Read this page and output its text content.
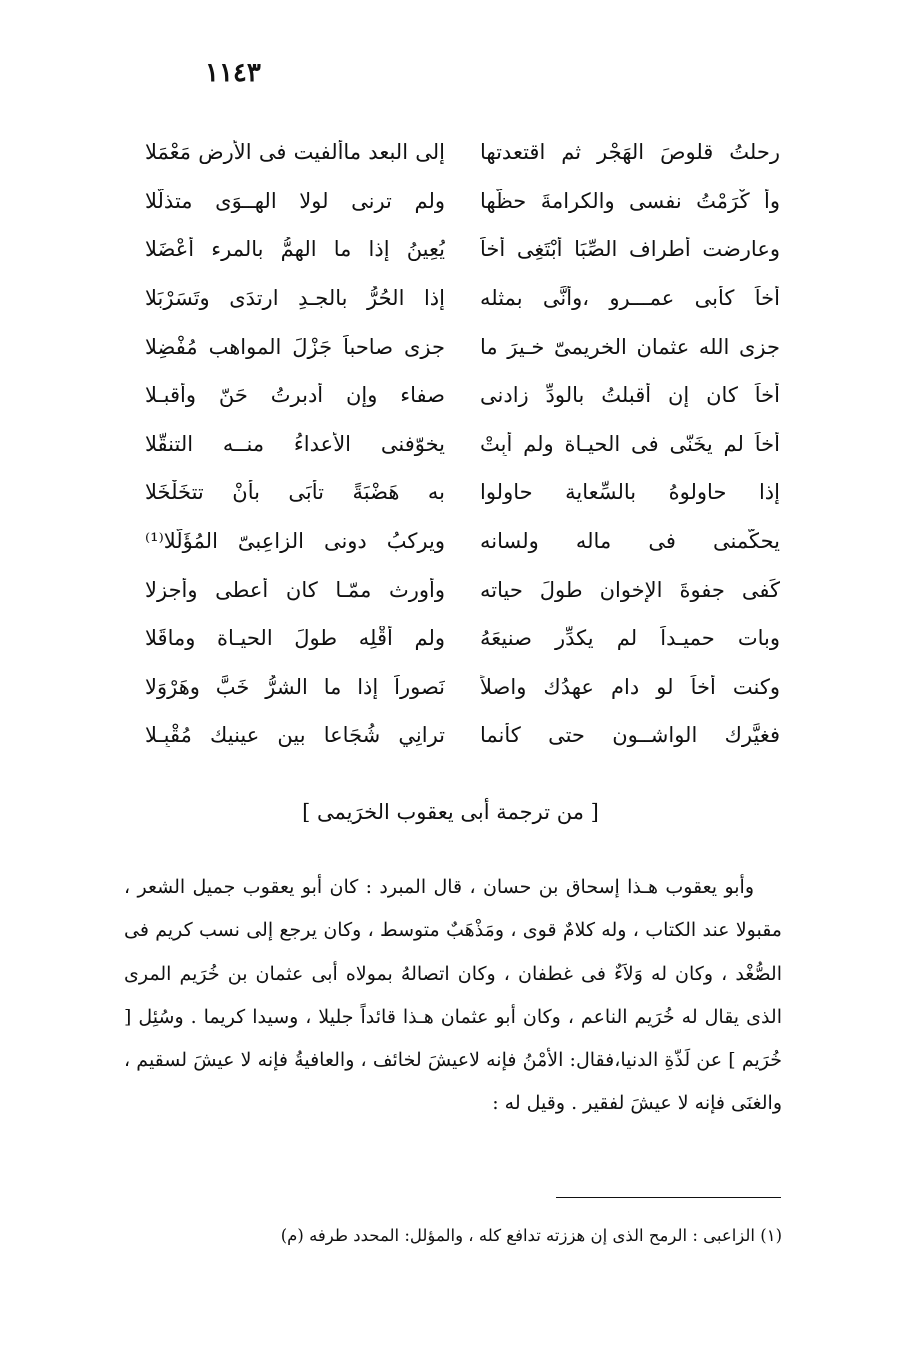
١١٤٣
رحلتُ قلوصَ الهَجْرِ ثم اقتعدتها
إلى البعد ماألفيت فى الأرض مَعْمَلا
وأ كْرَمْتُ نفسى والكرامةَ حظُّها
ولم ترنى لولا الهــوَى متذلّلا
وعارضت أطراف الصِّبَا أَبْتَغِى أخاً
يُعِينُ إذا ما الهمُّ بالمرء أَعْضَلا
أخاً كأبى عمـــرو ،وأنَّى بمثله
إذا الحُرُّ بالجـدِ ارتدَى وتَسَرْبَلا
جزى الله عثمان الخريمىّ خـيرَ ما
جزى صاحباً جَزْلَ المواهب مُفْضِلا
أخاً كان إن أقبلتُ بالودِّ زادنى
صفاء وإن أدبرتُ حَنّ وأقبـلا
أخاً لم يخَنّى فى الحيـاة ولم أبِتْ
يخوّفنى الأعداءُ منــه التنقّلا
إذا حاولوهُ بالسِّعاية حاولوا
به هَضْبَةً تأْبَى بأنْ تتخَلْخَلا
يحكّمنى فى ماله ولسانه
ويركبُ دونى الزاعِبىّ المُؤَلّلا⁽¹⁾
كَفى جفوةَ الإخوانِ طولَ حياته
وأورث ممّـا كان أعطى وأجزلا
وبات حميـداً لم يكدِّر صنيعَهُ
ولم أقْلِه طولَ الحيـاة وماقَلا
وكنت أخاً لو دام عهدُك واصلاً
نَصوراً إذا ما الشرُّ خَبَّ وهَرْوَلا
فغيَّرك الواشــون حتى كأنما
ترانِي شُجَاعا بين عينيك مُقْبِـلا
[ من ترجمة أبى يعقوب الخرَيمى ]

وأبو يعقوب هـذا إسحاق بن حسان ، قال المبرد : كان أبو يعقوب جميل الشعر ، مقبولا عند الكتاب ، وله كلامٌ قوى ، ومَذْهَبٌ متوسط ، وكان يرجع إلى نسب كريم فى الصُّغْد ، وكان له وَلاَءٌ فى غطفان ، وكان اتصالهُ بمولاه أبى عثمان بن خُرَيم المرى الذى يقال له خُرَيم الناعم ، وكان أبو عثمان هـذا قائداً جليلا ، وسيدا كريما . وسُئِل [ خُرَيم ] عن لَذّةِ الدنيا،فقال: الأمْنُ فإنه لاعيشَ لخائف ، والعافيةُ فإنه لا عيشَ لسقيم ، والغنَى فإنه لا عيشَ لفقير . وقيل له :

(١) الزاعبى : الرمح الذى إن هززته تدافع كله ، والمؤلل: المحدد طرفه (م)
